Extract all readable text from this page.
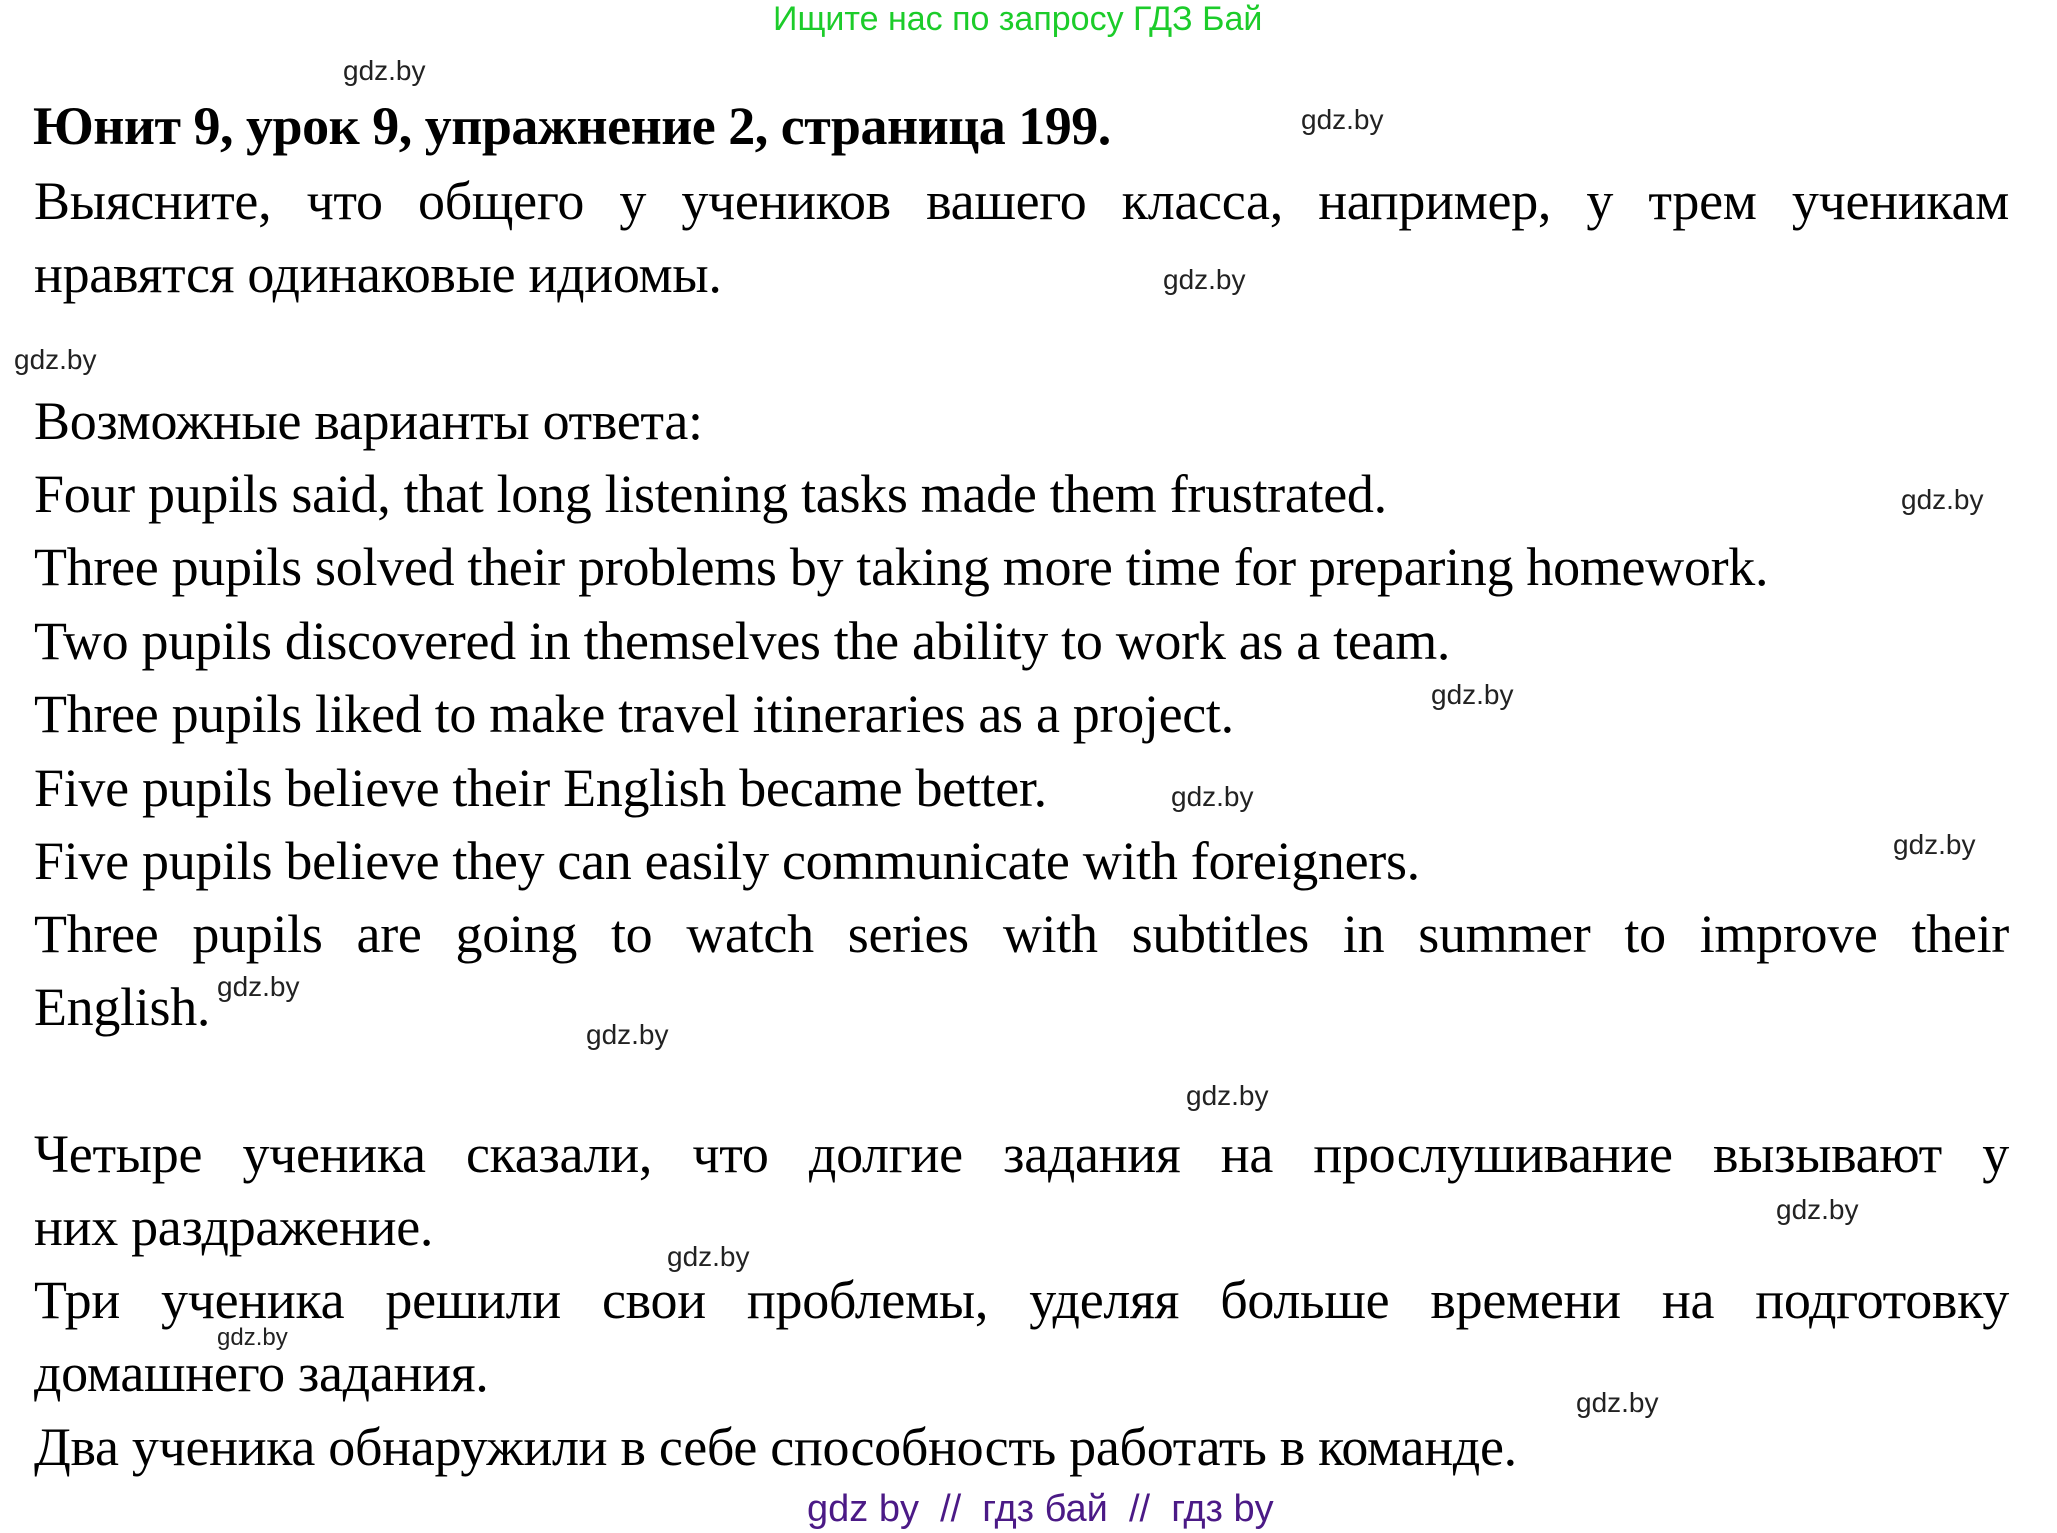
Ищите нас по запросу ГДЗ Бай
gdz.by
Юнит 9, урок 9, упражнение 2, страница 199.	gdz.by
Выясните, что общего у учеников вашего класса, например, у трем ученикам
нравятся одинаковые идиомы.	gdz.by
gdz.by
Возможные варианты ответа:
Four pupils said, that long listening tasks made them frustrated.	gdz.by
Three pupils solved their problems by taking more time for preparing homework.
Two pupils discovered in themselves the ability to work as a team.
Three pupils liked to make travel itineraries as a project.	gdz.by
Five pupils believe their English became better.	gdz.by
Five pupils believe they can easily communicate with foreigners.	gdz.by
Three pupils are going to watch series with subtitles in summer to improve their
English. gdz.by
gdz.by
gdz.by
Четыре ученика сказали, что долгие задания на прослушивание вызывают у
gdz.by
них раздражение.	gdz.by
Три ученика решили свои проблемы, уделяя больше времени на подготовку
gdz.by
домашнего задания.	gdz.by
Два ученика обнаружили в себе способность работать в команде.
gdz by  //  гдз бай  //  гдз by
